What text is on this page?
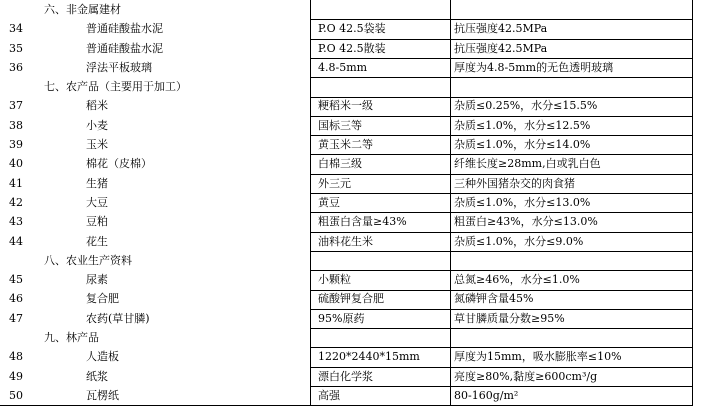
六、非金属建材
34	普通硅酸盐水泥	P.O 42.5袋装	抗压强度42.5MPa
35	普通硅酸盐水泥	P.O 42.5散装	抗压强度42.5MPa
36	浮法平板玻璃	4.8-5mm	厚度为4.8-5mm的无色透明玻璃
七、农产品（主要用于加工）
37	稻米	粳稻米一级	杂质≤0.25%，水分≤15.5%
38	小麦	国标三等	杂质≤1.0%，水分≤12.5%
39	玉米	黄玉米二等	杂质≤1.0%，水分≤14.0%
40	棉花（皮棉）	白棉三级	纤维长度≥28mm,白或乳白色
41	生猪	外三元	三种外国猪杂交的肉食猪
42	大豆	黄豆	杂质≤1.0%，水分≤13.0%
43	豆粕	粗蛋白含量≥43%	粗蛋白≥43%，水分≤13.0%
44	花生	油料花生米	杂质≤1.0%，水分≤9.0%
八、农业生产资料
45	尿素	小颗粒	总氮≥46%，水分≤1.0%
46	复合肥	硫酸钾复合肥	氮磷钾含量45%
47	农药(草甘膦)	95%原药	草甘膦质量分数≥95%
九、林产品
48	人造板	1220*2440*15mm	厚度为15mm，吸水膨胀率≤10%
49	纸浆	漂白化学浆	亮度≥80%,黏度≥600cm³/g
50	瓦楞纸	高强	80-160g/m²
